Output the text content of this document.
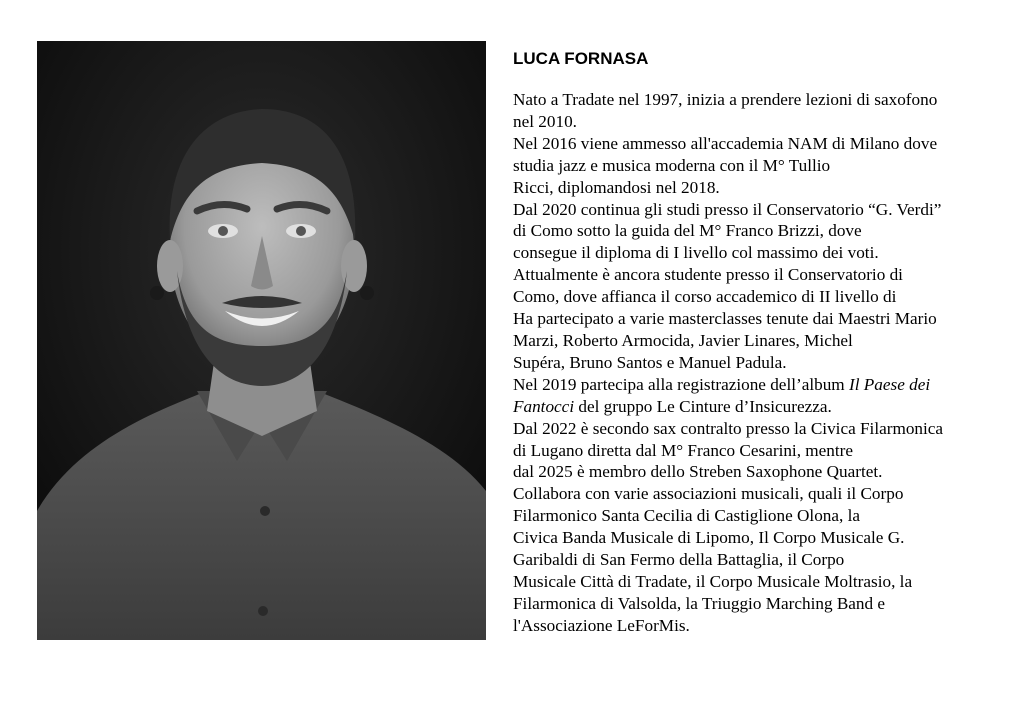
LUCA FORNASA
Nato a Tradate nel 1997, inizia a prendere lezioni di saxofono
nel 2010.
Nel 2016 viene ammesso all'accademia NAM di Milano dove
studia jazz e musica moderna con il M° Tullio
Ricci, diplomandosi nel 2018.
Dal 2020 continua gli studi presso il Conservatorio “G. Verdi”
di Como sotto la guida del M° Franco Brizzi, dove
consegue il diploma di I livello col massimo dei voti.
Attualmente è ancora studente presso il Conservatorio di
Como, dove affianca il corso accademico di II livello di
Ha partecipato a varie masterclasses tenute dai Maestri Mario
Marzi, Roberto Armocida, Javier Linares, Michel
Supéra, Bruno Santos e Manuel Padula.
Nel 2019 partecipa alla registrazione dell’album Il Paese dei
Fantocci del gruppo Le Cinture d’Insicurezza.
Dal 2022 è secondo sax contralto presso la Civica Filarmonica
di Lugano diretta dal M° Franco Cesarini, mentre
dal 2025 è membro dello Streben Saxophone Quartet.
Collabora con varie associazioni musicali, quali il Corpo
Filarmonico Santa Cecilia di Castiglione Olona, la
Civica Banda Musicale di Lipomo, Il Corpo Musicale G.
Garibaldi di San Fermo della Battaglia, il Corpo
Musicale Città di Tradate, il Corpo Musicale Moltrasio, la
Filarmonica di Valsolda, la Triuggio Marching Band e
l'Associazione LeForMis.
